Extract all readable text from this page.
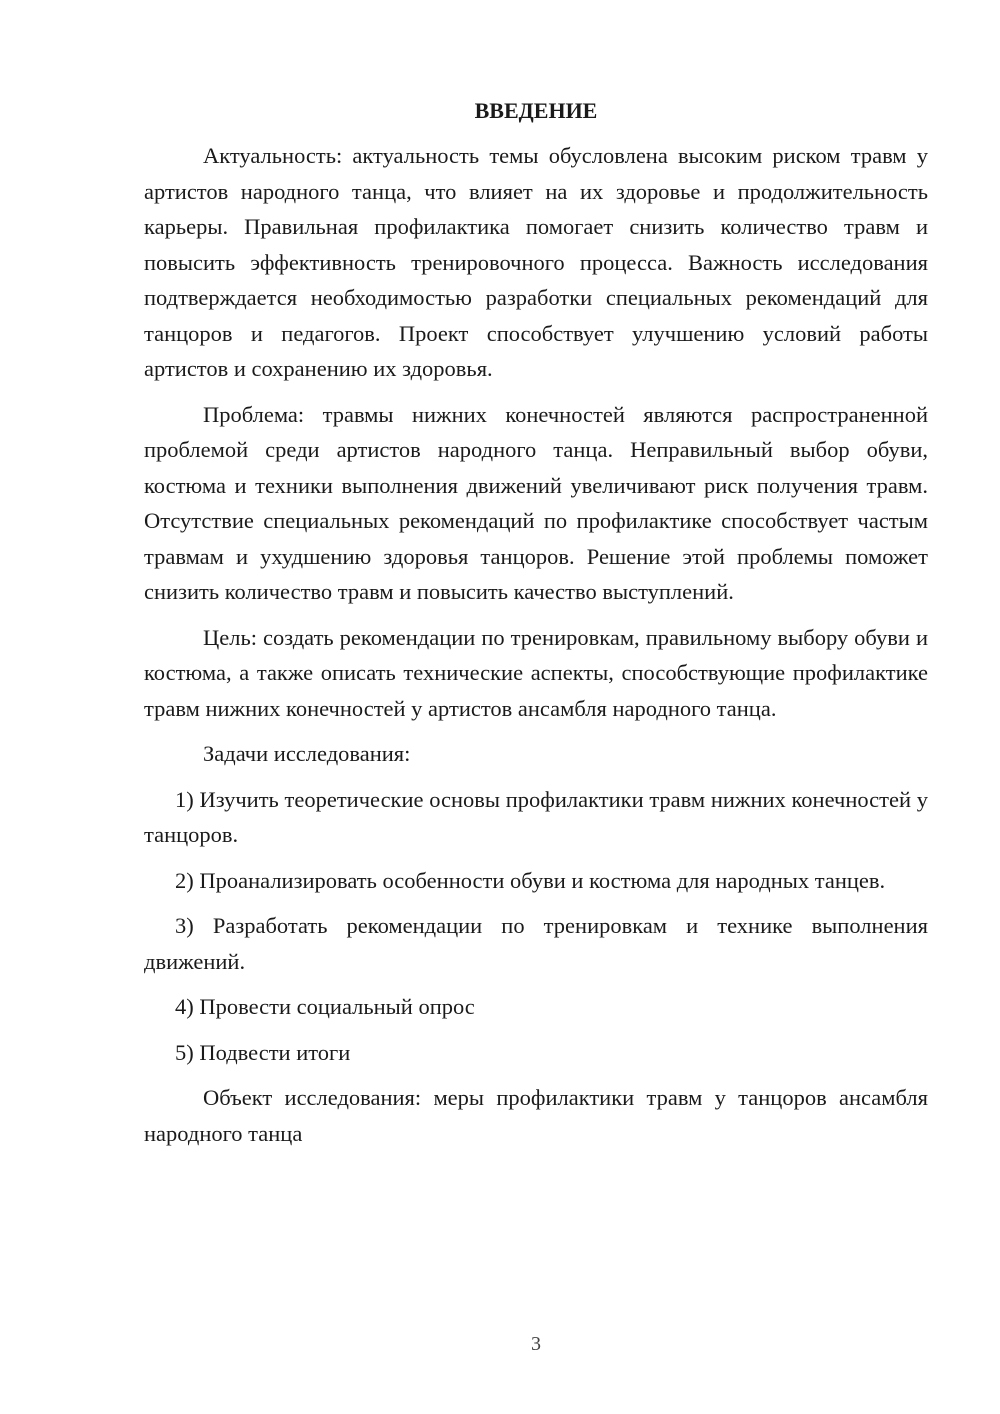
ВВЕДЕНИЕ

Актуальность: актуальность темы обусловлена высоким риском травм у артистов народного танца, что влияет на их здоровье и продолжительность карьеры. Правильная профилактика помогает снизить количество травм и повысить эффективность тренировочного процесса. Важность исследования подтверждается необходимостью разработки специальных рекомендаций для танцоров и педагогов. Проект способствует улучшению условий работы артистов и сохранению их здоровья.

Проблема: травмы нижних конечностей являются распространенной проблемой среди артистов народного танца. Неправильный выбор обуви, костюма и техники выполнения движений увеличивают риск получения травм. Отсутствие специальных рекомендаций по профилактике способствует частым травмам и ухудшению здоровья танцоров. Решение этой проблемы поможет снизить количество травм и повысить качество выступлений.

Цель: создать рекомендации по тренировкам, правильному выбору обуви и костюма, а также описать технические аспекты, способствующие профилактике травм нижних конечностей у артистов ансамбля народного танца.

Задачи исследования:

1) Изучить теоретические основы профилактики травм нижних конечностей у танцоров.

2) Проанализировать особенности обуви и костюма для народных танцев.

3) Разработать рекомендации по тренировкам и технике выполнения движений.

4) Провести социальный опрос

5) Подвести итоги

Объект исследования: меры профилактики травм у танцоров ансамбля народного танца

3
